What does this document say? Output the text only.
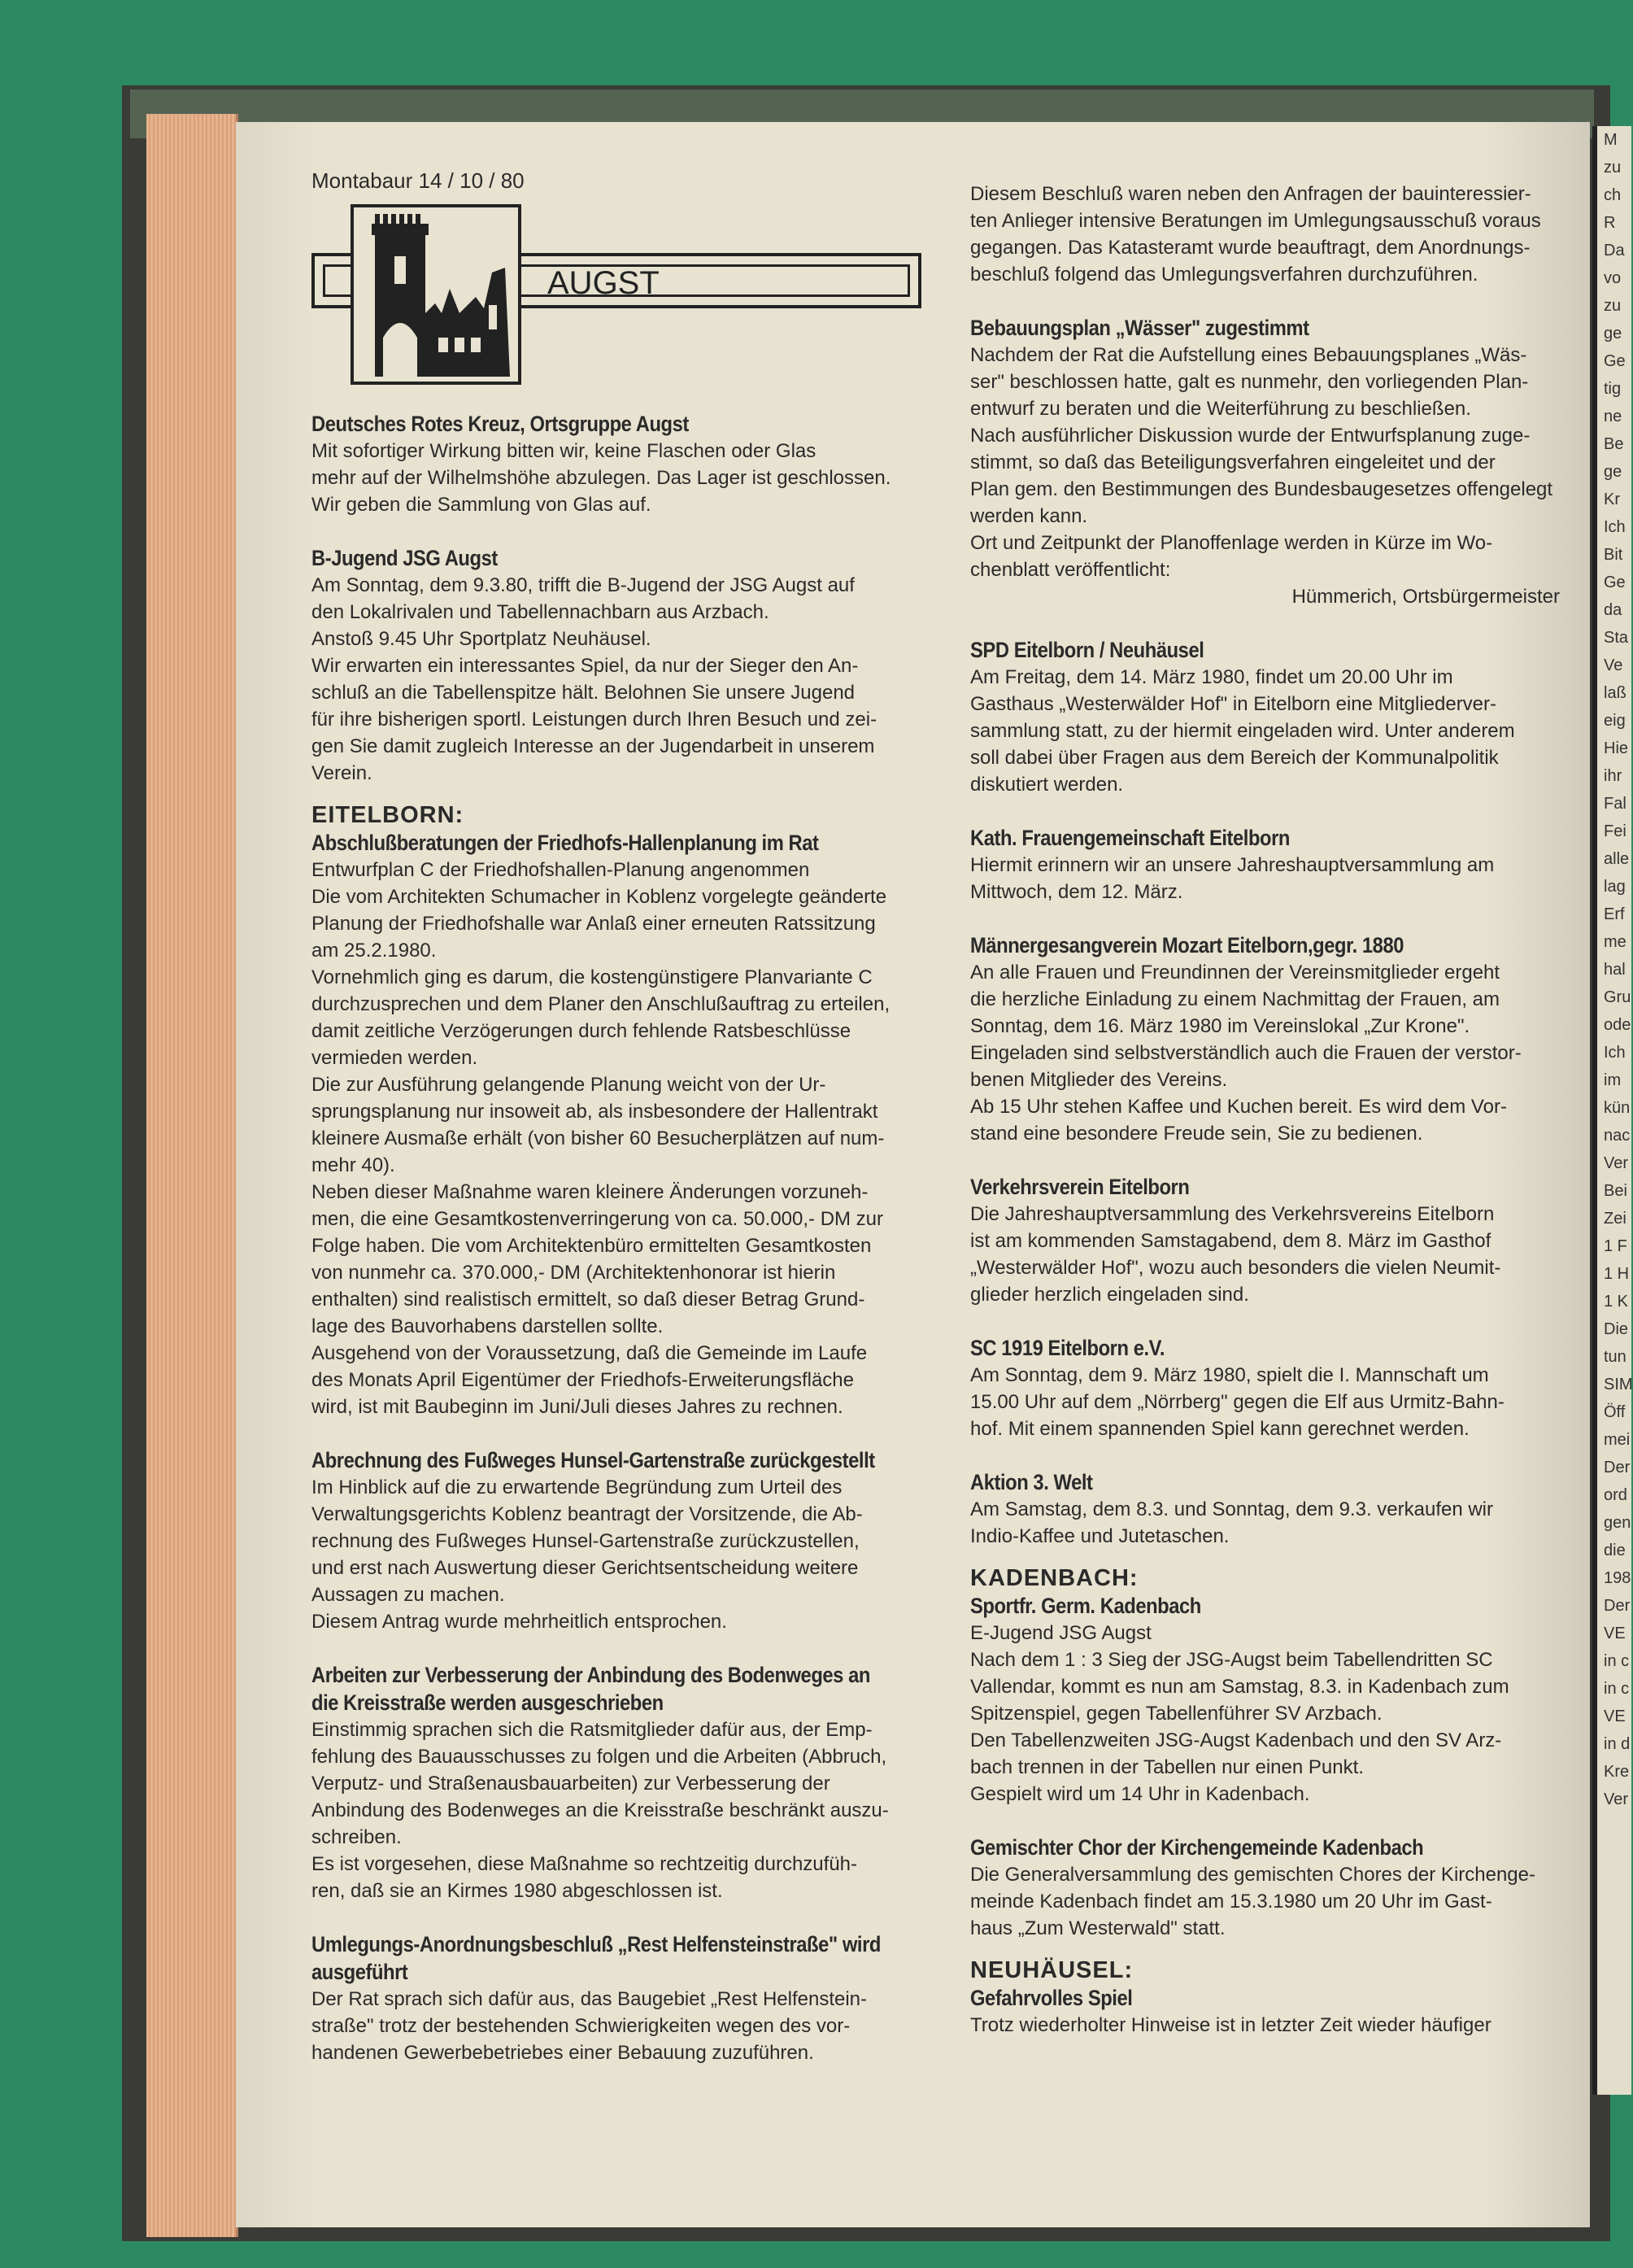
M
zu
ch
R
Da
vo
zu
ge
Ge
tig
ne
Be
ge
Kr
Ich
Bit
Ge
da
Sta
Ve
laß
eig
Hie
ihr
Fal
Fei
alle
lag
Erf
me
hal
Gru
ode
Ich
im
kün
nac
Ver
Bei
Zei
1 F
1 H
1 K
Die
tun
SIM
Öff
mei
Der
ord
gen
die
198
Der
VE
in c
in c
VE
in d
Kre
Ver
Montabaur 14 / 10 / 80
AUGST
Deutsches Rotes Kreuz, Ortsgruppe Augst

Mit sofortiger Wirkung bitten wir, keine Flaschen oder Glas

mehr auf der Wilhelmshöhe abzulegen. Das Lager ist geschlossen.

Wir geben die Sammlung von Glas auf.

B-Jugend JSG Augst

Am Sonntag, dem 9.3.80, trifft die B-Jugend der JSG Augst auf

den Lokalrivalen und Tabellennachbarn aus Arzbach.

Anstoß 9.45 Uhr Sportplatz Neuhäusel.

Wir erwarten ein interessantes Spiel, da nur der Sieger den An-

schluß an die Tabellenspitze hält. Belohnen Sie unsere Jugend

für ihre bisherigen sportl. Leistungen durch Ihren Besuch und zei-

gen Sie damit zugleich Interesse an der Jugendarbeit in unserem

Verein.

EITELBORN:
Abschlußberatungen der Friedhofs-Hallenplanung im Rat

Entwurfplan C der Friedhofshallen-Planung angenommen

Die vom Architekten Schumacher in Koblenz vorgelegte geänderte

Planung der Friedhofshalle war Anlaß einer erneuten Ratssitzung

am 25.2.1980.

Vornehmlich ging es darum, die kostengünstigere Planvariante C

durchzusprechen und dem Planer den Anschlußauftrag zu erteilen,

damit zeitliche Verzögerungen durch fehlende Ratsbeschlüsse

vermieden werden.

Die zur Ausführung gelangende Planung weicht von der Ur-

sprungsplanung nur insoweit ab, als insbesondere der Hallentrakt

kleinere Ausmaße erhält (von bisher 60 Besucherplätzen auf num-

mehr 40).

Neben dieser Maßnahme waren kleinere Änderungen vorzuneh-

men, die eine Gesamtkostenverringerung von ca. 50.000,- DM zur

Folge haben. Die vom Architektenbüro ermittelten Gesamtkosten

von nunmehr ca. 370.000,- DM (Architektenhonorar ist hierin

enthalten) sind realistisch ermittelt, so daß dieser Betrag Grund-

lage des Bauvorhabens darstellen sollte.

Ausgehend von der Voraussetzung, daß die Gemeinde im Laufe

des Monats April Eigentümer der Friedhofs-Erweiterungsfläche

wird, ist mit Baubeginn im Juni/Juli dieses Jahres zu rechnen.

Abrechnung des Fußweges Hunsel-Gartenstraße zurückgestellt

Im Hinblick auf die zu erwartende Begründung zum Urteil des

Verwaltungsgerichts Koblenz beantragt der Vorsitzende, die Ab-

rechnung des Fußweges Hunsel-Gartenstraße zurückzustellen,

und erst nach Auswertung dieser Gerichtsentscheidung weitere

Aussagen zu machen.

Diesem Antrag wurde mehrheitlich entsprochen.

Arbeiten zur Verbesserung der Anbindung des Bodenweges an
die Kreisstraße werden ausgeschrieben

Einstimmig sprachen sich die Ratsmitglieder dafür aus, der Emp-

fehlung des Bauausschusses zu folgen und die Arbeiten (Abbruch,

Verputz- und Straßenausbauarbeiten) zur Verbesserung der

Anbindung des Bodenweges an die Kreisstraße beschränkt auszu-

schreiben.

Es ist vorgesehen, diese Maßnahme so rechtzeitig durchzufüh-

ren, daß sie an Kirmes 1980 abgeschlossen ist.

Umlegungs-Anordnungsbeschluß „Rest Helfensteinstraße" wird
ausgeführt

Der Rat sprach sich dafür aus, das Baugebiet „Rest Helfenstein-

straße" trotz der bestehenden Schwierigkeiten wegen des vor-

handenen Gewerbebetriebes einer Bebauung zuzuführen.

Diesem Beschluß waren neben den Anfragen der bauinteressier-

ten Anlieger intensive Beratungen im Umlegungsausschuß voraus

gegangen. Das Katasteramt wurde beauftragt, dem Anordnungs-

beschluß folgend das Umlegungsverfahren durchzuführen.

Bebauungsplan „Wässer" zugestimmt

Nachdem der Rat die Aufstellung eines Bebauungsplanes „Wäs-

ser" beschlossen hatte, galt es nunmehr, den vorliegenden Plan-

entwurf zu beraten und die Weiterführung zu beschließen.

Nach ausführlicher Diskussion wurde der Entwurfsplanung zuge-

stimmt, so daß das Beteiligungsverfahren eingeleitet und der

Plan gem. den Bestimmungen des Bundesbaugesetzes offengelegt

werden kann.

Ort und Zeitpunkt der Planoffenlage werden in Kürze im Wo-

chenblatt veröffentlicht:

Hümmerich, Ortsbürgermeister

SPD Eitelborn / Neuhäusel

Am Freitag, dem 14. März 1980, findet um 20.00 Uhr im

Gasthaus „Westerwälder Hof" in Eitelborn eine Mitgliederver-

sammlung statt, zu der hiermit eingeladen wird. Unter anderem

soll dabei über Fragen aus dem Bereich der Kommunalpolitik

diskutiert werden.

Kath. Frauengemeinschaft Eitelborn

Hiermit erinnern wir an unsere Jahreshauptversammlung am

Mittwoch, dem 12. März.

Männergesangverein Mozart Eitelborn,gegr. 1880

An alle Frauen und Freundinnen der Vereinsmitglieder ergeht

die herzliche Einladung zu einem Nachmittag der Frauen, am

Sonntag, dem 16. März 1980 im Vereinslokal „Zur Krone".

Eingeladen sind selbstverständlich auch die Frauen der verstor-

benen Mitglieder des Vereins.

Ab 15 Uhr stehen Kaffee und Kuchen bereit. Es wird dem Vor-

stand eine besondere Freude sein, Sie zu bedienen.

Verkehrsverein Eitelborn

Die Jahreshauptversammlung des Verkehrsvereins Eitelborn

ist am kommenden Samstagabend, dem 8. März im Gasthof

„Westerwälder Hof", wozu auch besonders die vielen Neumit-

glieder herzlich eingeladen sind.

SC 1919 Eitelborn e.V.

Am Sonntag, dem 9. März 1980, spielt die I. Mannschaft um

15.00 Uhr auf dem „Nörrberg" gegen die Elf aus Urmitz-Bahn-

hof. Mit einem spannenden Spiel kann gerechnet werden.

Aktion 3. Welt

Am Samstag, dem 8.3. und Sonntag, dem 9.3. verkaufen wir

Indio-Kaffee und Jutetaschen.

KADENBACH:
Sportfr. Germ. Kadenbach

E-Jugend JSG Augst

Nach dem 1 : 3 Sieg der JSG-Augst beim Tabellendritten SC

Vallendar, kommt es nun am Samstag, 8.3. in Kadenbach zum

Spitzenspiel, gegen Tabellenführer SV Arzbach.

Den Tabellenzweiten JSG-Augst Kadenbach und den SV Arz-

bach trennen in der Tabellen nur einen Punkt.

Gespielt wird um 14 Uhr in Kadenbach.

Gemischter Chor der Kirchengemeinde Kadenbach

Die Generalversammlung des gemischten Chores der Kirchenge-

meinde Kadenbach findet am 15.3.1980 um 20 Uhr im Gast-

haus „Zum Westerwald" statt.

NEUHÄUSEL:
Gefahrvolles Spiel

Trotz wiederholter Hinweise ist in letzter Zeit wieder häufiger
